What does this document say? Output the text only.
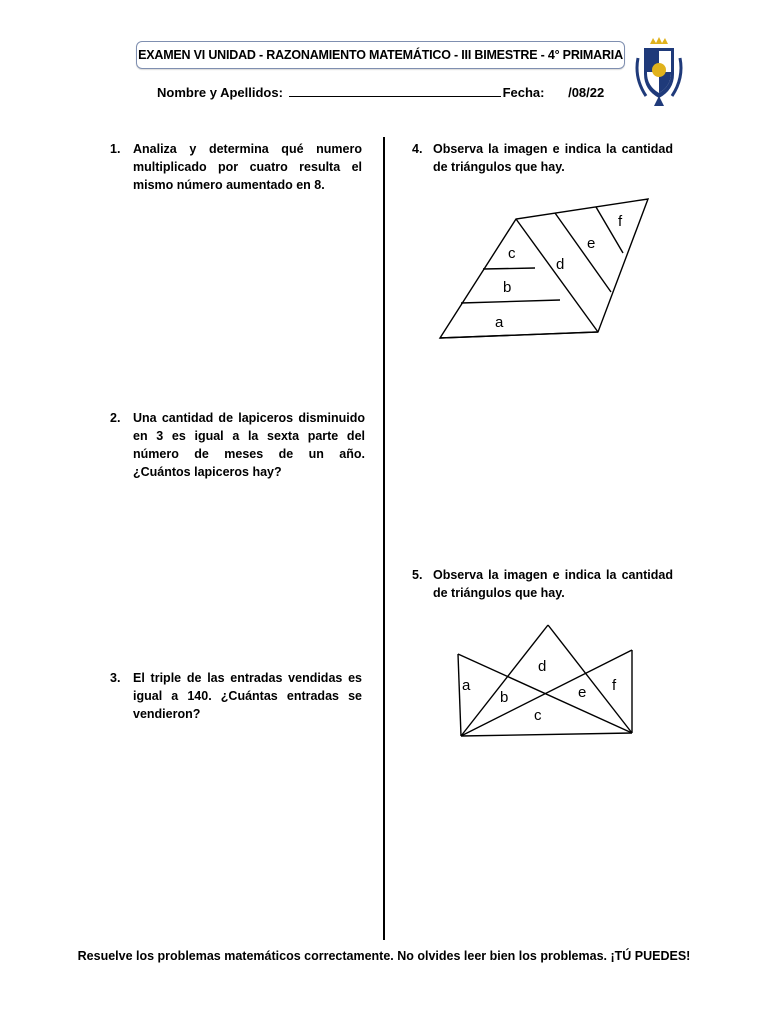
EXAMEN VI UNIDAD - RAZONAMIENTO MATEMÁTICO - III BIMESTRE - 4° PRIMARIA
Nombre y Apellidos:	Fecha: /08/22
1. Analiza y determina qué numero multiplicado por cuatro resulta el mismo número aumentado en 8.
2. Una cantidad de lapiceros disminuido en 3 es igual a la sexta parte del número de meses de un año. ¿Cuántos lapiceros hay?
3. El triple de las entradas vendidas es igual a 140. ¿Cuántas entradas se vendieron?
4. Observa la imagen e indica la cantidad de triángulos que hay.
c
b
a
d
e
f
5. Observa la imagen e indica la cantidad de triángulos que hay.
a
b
c
d
e f
Resuelve los problemas matemáticos correctamente. No olvides leer bien los problemas. ¡TÚ PUEDES!
